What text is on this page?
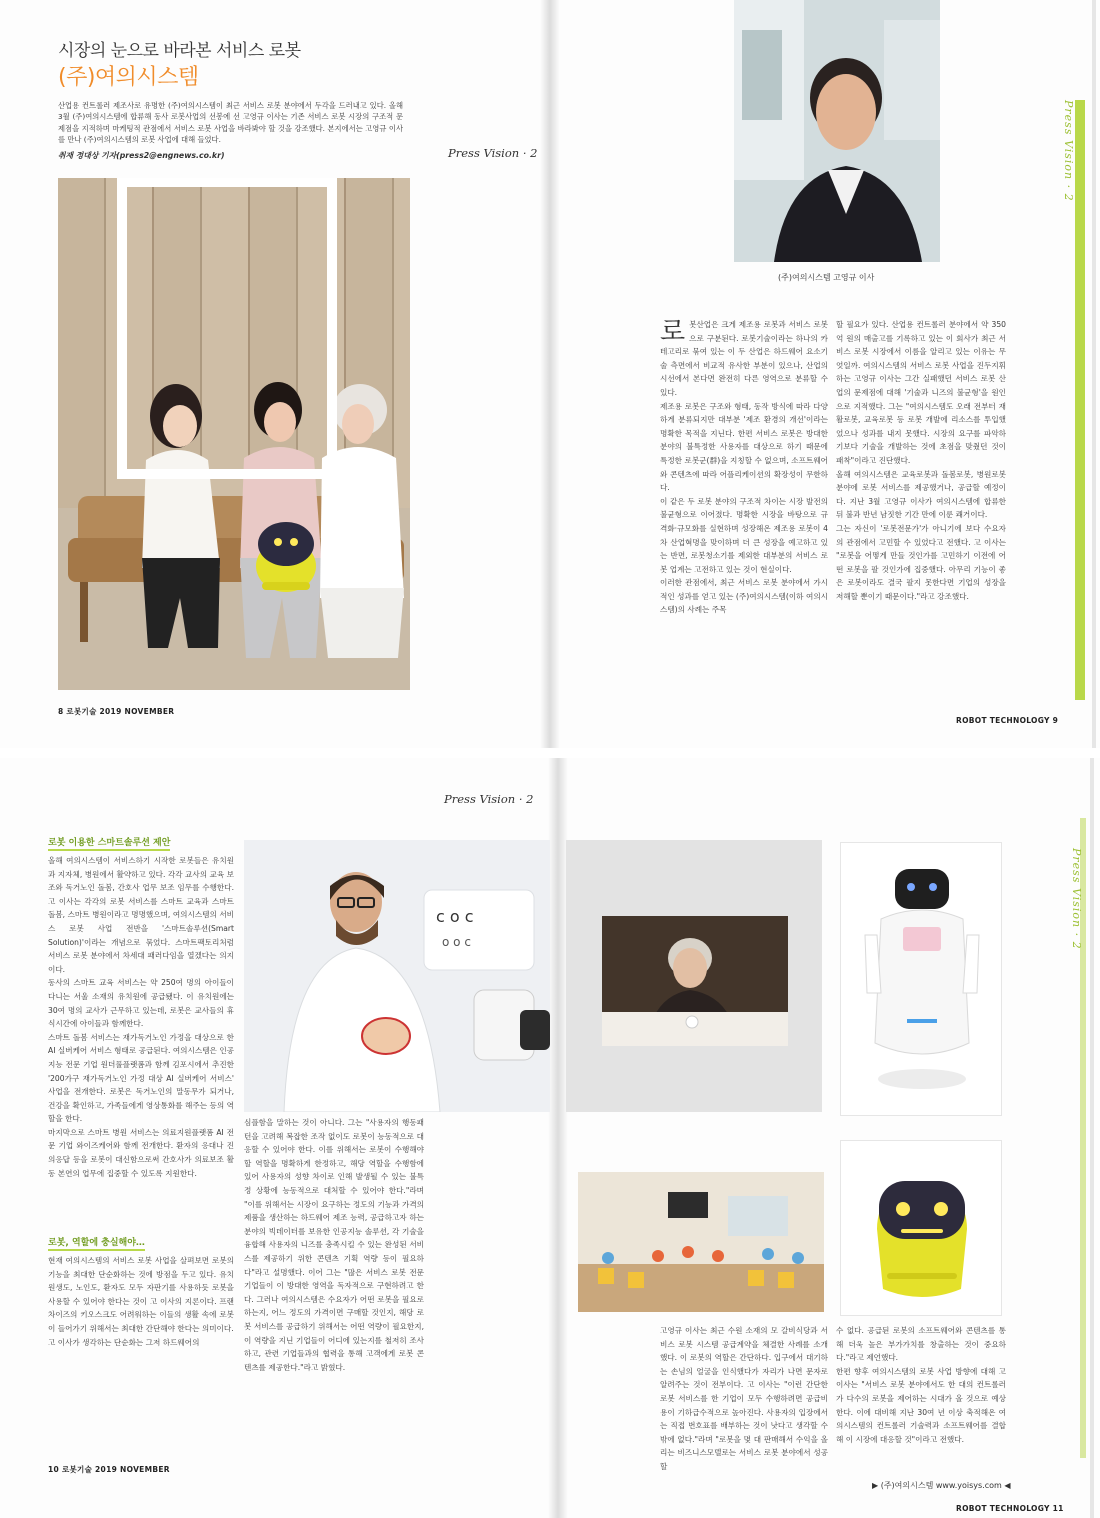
시장의 눈으로 바라본 서비스 로봇
(주)여의시스템
산업용 컨트롤러 제조사로 유명한 (주)여의시스템이 최근 서비스 로봇 분야에서 두각을 드러내고 있다. 올해 3월 (주)여의시스템에 합류해 동사 로봇사업의 선봉에 선 고영규 이사는 기존 서비스 로봇 시장의 구조적 문제점을 지적하며 마케팅적 관점에서 서비스 로봇 사업을 바라봐야 할 것을 강조했다. 본지에서는 고영규 이사를 만나 (주)여의시스템의 로봇 사업에 대해 들었다.
취재 정대상 기자(press2@engnews.co.kr)	Press Vision · 2
8 로봇기술 2019 NOVEMBER
(주)여의시스템 고영규 이사
Press Vision · 2
로봇산업은 크게 제조용 로봇과 서비스 로봇으로 구분된다. 로봇기술이라는 하나의 카테고리로 묶여 있는 이 두 산업은 하드웨어 요소기술 측면에서 비교적 유사한 부분이 있으나, 산업의 시선에서 본다면 완전히 다른 영역으로 분류할 수 있다.
제조용 로봇은 구조와 형태, 동작 방식에 따라 다양하게 분류되지만 대부분 '제조 환경의 개선'이라는 명확한 목적을 지닌다. 한편 서비스 로봇은 방대한 분야의 불특정한 사용자를 대상으로 하기 때문에 특정한 로봇군(群)을 지칭할 수 없으며, 소프트웨어와 콘텐츠에 따라 어플리케이션의 확장성이 무한하다.
이 같은 두 로봇 분야의 구조적 차이는 시장 발전의 불균형으로 이어졌다. 명확한 시장을 바탕으로 규격화·규모화를 실현하며 성장해온 제조용 로봇이 4차 산업혁명을 맞이하며 더 큰 성장을 예고하고 있는 반면, 로봇청소기를 제외한 대부분의 서비스 로봇 업계는 고전하고 있는 것이 현실이다.
이러한 관점에서, 최근 서비스 로봇 분야에서 가시적인 성과를 얻고 있는 (주)여의시스템(이하 여의시스템)의 사례는 주목
할 필요가 있다. 산업용 컨트롤러 분야에서 약 350억 원의 매출고를 기록하고 있는 이 회사가 최근 서비스 로봇 시장에서 이름을 알리고 있는 이유는 무엇일까. 여의시스템의 서비스 로봇 사업을 진두지휘하는 고영규 이사는 그간 실패했던 서비스 로봇 산업의 문제점에 대해 '기술과 니즈의 불균형'을 원인으로 지적했다. 그는 "여의시스템도 오래 전부터 재활로봇, 교육로봇 등 로봇 개발에 리소스를 투입했었으나 성과를 내지 못했다. 시장의 요구를 파악하기보다 기술을 개발하는 것에 초점을 맞췄던 것이 패착"이라고 진단했다.
올해 여의시스템은 교육로봇과 돌봄로봇, 병원로봇 분야에 로봇 서비스를 제공했거나, 공급할 예정이다. 지난 3월 고영규 이사가 여의시스템에 합류한 뒤 불과 반년 남짓한 기간 만에 이룬 쾌거이다.
그는 자신이 '로봇전문가'가 아니기에 보다 수요자의 관점에서 고민할 수 있었다고 전했다. 고 이사는 "로봇을 어떻게 만들 것인가를 고민하기 이전에 어떤 로봇을 팔 것인가에 집중했다. 아무리 기능이 좋은 로봇이라도 결국 팔지 못한다면 기업의 성장을 저해할 뿐이기 때문이다."라고 강조했다.
ROBOT TECHNOLOGY 9
Press Vision · 2
로봇 이용한 스마트솔루션 제안
올해 여의시스템이 서비스하기 시작한 로봇들은 유치원과 지자체, 병원에서 활약하고 있다. 각각 교사의 교육 보조와 독거노인 돌봄, 간호사 업무 보조 임무를 수행한다. 고 이사는 각각의 로봇 서비스를 스마트 교육과 스마트 돌봄, 스마트 병원이라고 명명했으며, 여의시스템의 서비스 로봇 사업 전반을 '스마트솔루션(Smart Solution)'이라는 개념으로 묶었다. 스마트팩토리처럼 서비스 로봇 분야에서 차세대 패러다임을 열겠다는 의지이다.
동사의 스마트 교육 서비스는 약 250여 명의 아이들이 다니는 서울 소재의 유치원에 공급됐다. 이 유치원에는 30여 명의 교사가 근무하고 있는데, 로봇은 교사들의 휴식시간에 아이들과 함께한다.
스마트 돌봄 서비스는 재가독거노인 가정을 대상으로 한 AI 실버케어 서비스 형태로 공급된다. 여의시스템은 인공지능 전문 기업 원더풀플랫폼과 함께 김포시에서 추진한 '200가구 재가독거노인 가정 대상 AI 실버케어 서비스' 사업을 전개한다. 로봇은 독거노인의 말동무가 되거나, 건강을 확인하고, 가족들에게 영상통화를 해주는 등의 역할을 한다.
마지막으로 스마트 병원 서비스는 의료지원플랫폼 AI 전문 기업 와이즈케어와 함께 전개한다. 환자의 응대나 진의응답 등을 로봇이 대신함으로써 간호사가 의료보조 활동 본연의 업무에 집중할 수 있도록 지원한다.
로봇, 역할에 충실해야…
현재 여의시스템의 서비스 로봇 사업을 살펴보면 로봇의 기능을 최대한 단순화하는 것에 방점을 두고 있다. 유치원생도, 노인도, 환자도 모두 자판기를 사용하듯 로봇을 사용할 수 있어야 한다는 것이 고 이사의 지론이다. 프랜차이즈의 키오스크도 어려워하는 이들의 생활 속에 로봇이 들어가기 위해서는 최대한 간단해야 한다는 의미이다.
고 이사가 생각하는 단순화는 그저 하드웨어의
c o c
o o c
심플함을 말하는 것이 아니다. 그는 "사용자의 행동패턴을 고려해 복잡한 조작 없이도 로봇이 능동적으로 대응할 수 있어야 한다. 이를 위해서는 로봇이 수행해야 할 역할을 명확하게 한정하고, 해당 역할을 수행함에 있어 사용자의 성향 차이로 인해 발생될 수 있는 불특정 상황에 능동적으로 대처할 수 있어야 한다."라며 "이를 위해서는 시장이 요구하는 정도의 기능과 가격의 제품을 생산하는 하드웨어 제조 능력, 공급하고자 하는 분야의 빅데이터를 보유한 인공지능 솔루션, 각 기술을 융합해 사용자의 니즈를 충족시킬 수 있는 완성된 서비스를 제공하기 위한 콘텐츠 기획 역량 등이 필요하다"라고 설명했다. 이어 그는 "많은 서비스 로봇 전문 기업들이 이 방대한 영역을 독자적으로 구현하려고 한다. 그러나 여의시스템은 수요자가 어떤 로봇을 필요로 하는지, 어느 정도의 가격이면 구매할 것인지, 해당 로봇 서비스를 공급하기 위해서는 어떤 역량이 필요한지, 이 역량을 지닌 기업들이 어디에 있는지를 철저히 조사하고, 관련 기업들과의 협력을 통해 고객에게 로봇 콘텐츠를 제공한다."라고 밝혔다.
10 로봇기술 2019 NOVEMBER
Press Vision · 2
고영규 이사는 최근 수원 소재의 모 갈비식당과 서비스 로봇 시스템 공급계약을 체결한 사례를 소개했다. 이 로봇의 역할은 간단하다. 입구에서 대기하는 손님의 얼굴을 인식했다가 자리가 나면 문자로 알려주는 것이 전부이다. 고 이사는 "이런 간단한 로봇 서비스를 한 기업이 모두 수행하려면 공급비용이 기하급수적으로 높아진다. 사용자의 입장에서는 직접 번호표를 배부하는 것이 낫다고 생각할 수밖에 없다."라며 "로봇을 몇 대 판매해서 수익을 올리는 비즈니스모델로는 서비스 로봇 분야에서 성공할
수 없다. 공급된 로봇의 소프트웨어와 콘텐츠를 통해 더욱 높은 부가가치를 창출하는 것이 중요하다."라고 제언했다.
한편 향후 여의시스템의 로봇 사업 방향에 대해 고 이사는 "서비스 로봇 분야에서도 한 대의 컨트롤러가 다수의 로봇을 제어하는 시대가 올 것으로 예상한다. 이에 대비해 지난 30여 년 이상 축적해온 여의시스템의 컨트롤러 기술력과 소프트웨어를 결합해 이 시장에 대응할 것"이라고 전했다.
▶ (주)여의시스템 www.yoisys.com ◀
ROBOT TECHNOLOGY 11
